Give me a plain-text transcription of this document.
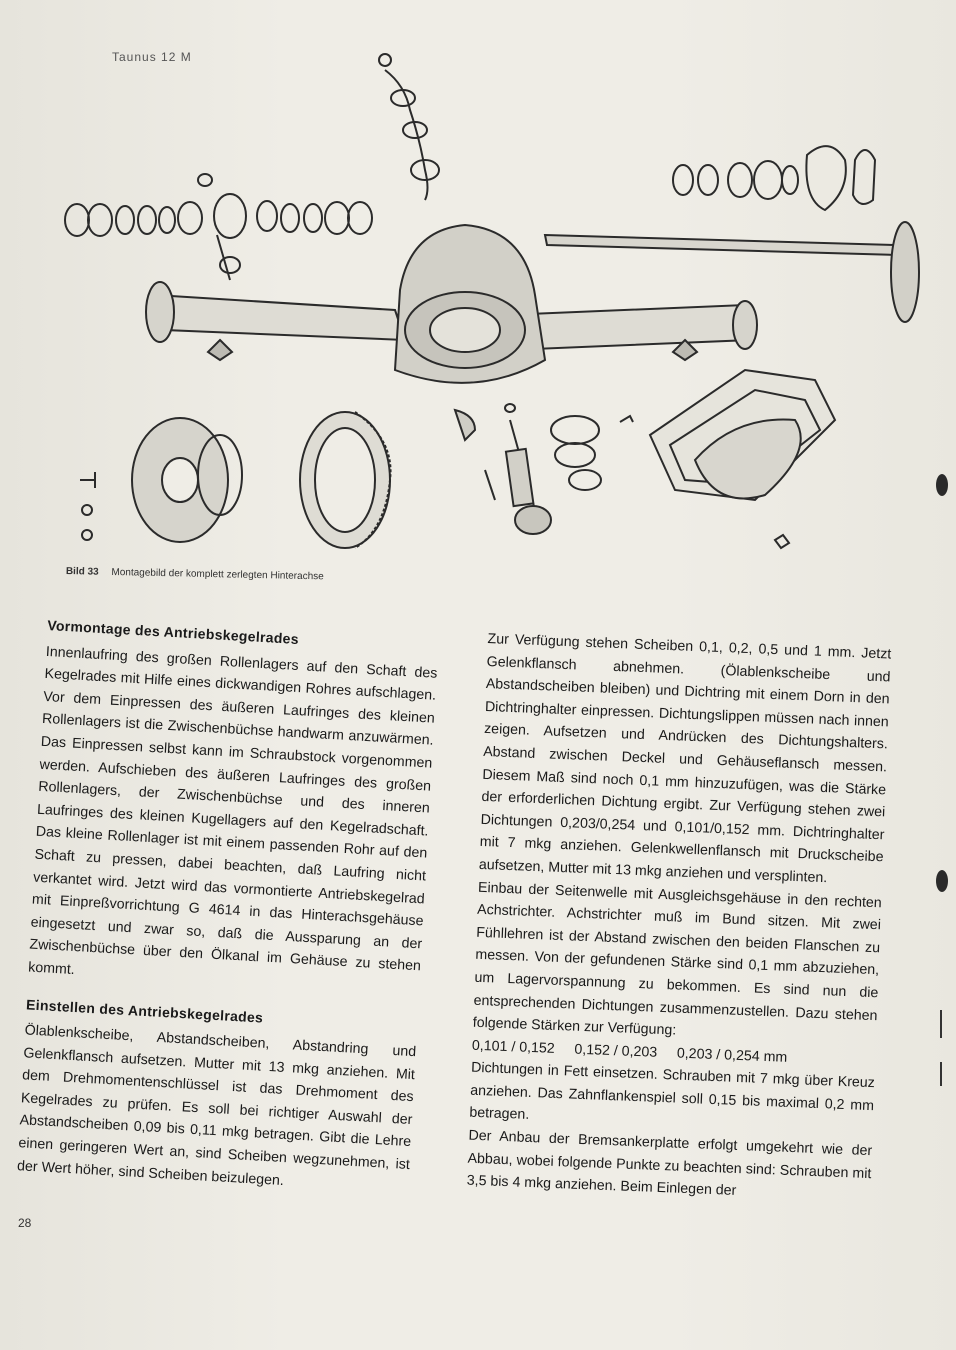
Taunus 12 M
Bild 33 Montagebild der komplett zerlegten Hinterachse
Vormontage des Antriebskegelrades

Innenlaufring des großen Rollenlagers auf den Schaft des Kegelrades mit Hilfe eines dickwandigen Rohres aufschlagen. Vor dem Einpressen des äußeren Laufringes des kleinen Rollenlagers ist die Zwischenbüchse handwarm anzuwärmen. Das Einpressen selbst kann im Schraubstock vorgenommen werden. Aufschieben des äußeren Laufringes des großen Rollenlagers, der Zwischenbüchse und des inneren Laufringes des kleinen Kugellagers auf den Kegelradschaft. Das kleine Rollenlager ist mit einem passenden Rohr auf den Schaft zu pressen, dabei beachten, daß Laufring nicht verkantet wird. Jetzt wird das vormontierte Antriebskegelrad mit Einpreßvorrichtung G 4614 in das Hinterachsgehäuse eingesetzt und zwar so, daß die Aussparung an der Zwischenbüchse über den Ölkanal im Gehäuse zu stehen kommt.

Einstellen des Antriebskegelrades

Ölablenkscheibe, Abstandscheiben, Abstandring und Gelenkflansch aufsetzen. Mutter mit 13 mkg anziehen. Mit dem Drehmomentenschlüssel ist das Drehmoment des Kegelrades zu prüfen. Es soll bei richtiger Auswahl der Abstandscheiben 0,09 bis 0,11 mkg betragen. Gibt die Lehre einen geringeren Wert an, sind Scheiben wegzunehmen, ist der Wert höher, sind Scheiben beizulegen.

Zur Verfügung stehen Scheiben 0,1, 0,2, 0,5 und 1 mm. Jetzt Gelenkflansch abnehmen. (Ölablenkscheibe und Abstandscheiben bleiben) und Dichtring mit einem Dorn in den Dichtringhalter einpressen. Dichtungslippen müssen nach innen zeigen. Aufsetzen und Andrücken des Dichtungshalters. Abstand zwischen Deckel und Gehäuseflansch messen. Diesem Maß sind noch 0,1 mm hinzuzufügen, was die Stärke der erforderlichen Dichtung ergibt. Zur Verfügung stehen zwei Dichtungen 0,203/0,254 und 0,101/0,152 mm. Dichtringhalter mit 7 mkg anziehen. Gelenkwellenflansch mit Druckscheibe aufsetzen, Mutter mit 13 mkg anziehen und versplinten.

Einbau der Seitenwelle mit Ausgleichsgehäuse in den rechten Achstrichter. Achstrichter muß im Bund sitzen. Mit zwei Fühllehren ist der Abstand zwischen den beiden Flanschen zu messen. Von der gefundenen Stärke sind 0,1 mm abzuziehen, um Lagervorspannung zu bekommen. Es sind nun die entsprechenden Dichtungen zusammenzustellen. Dazu stehen folgende Stärken zur Verfügung:

0,101 / 0,152     0,152 / 0,203     0,203 / 0,254 mm

Dichtungen in Fett einsetzen. Schrauben mit 7 mkg über Kreuz anziehen. Das Zahnflankenspiel soll 0,15 bis maximal 0,2 mm betragen.

Der Anbau der Bremsankerplatte erfolgt umgekehrt wie der Abbau, wobei folgende Punkte zu beachten sind: Schrauben mit 3,5 bis 4 mkg anziehen. Beim Einlegen der

28
